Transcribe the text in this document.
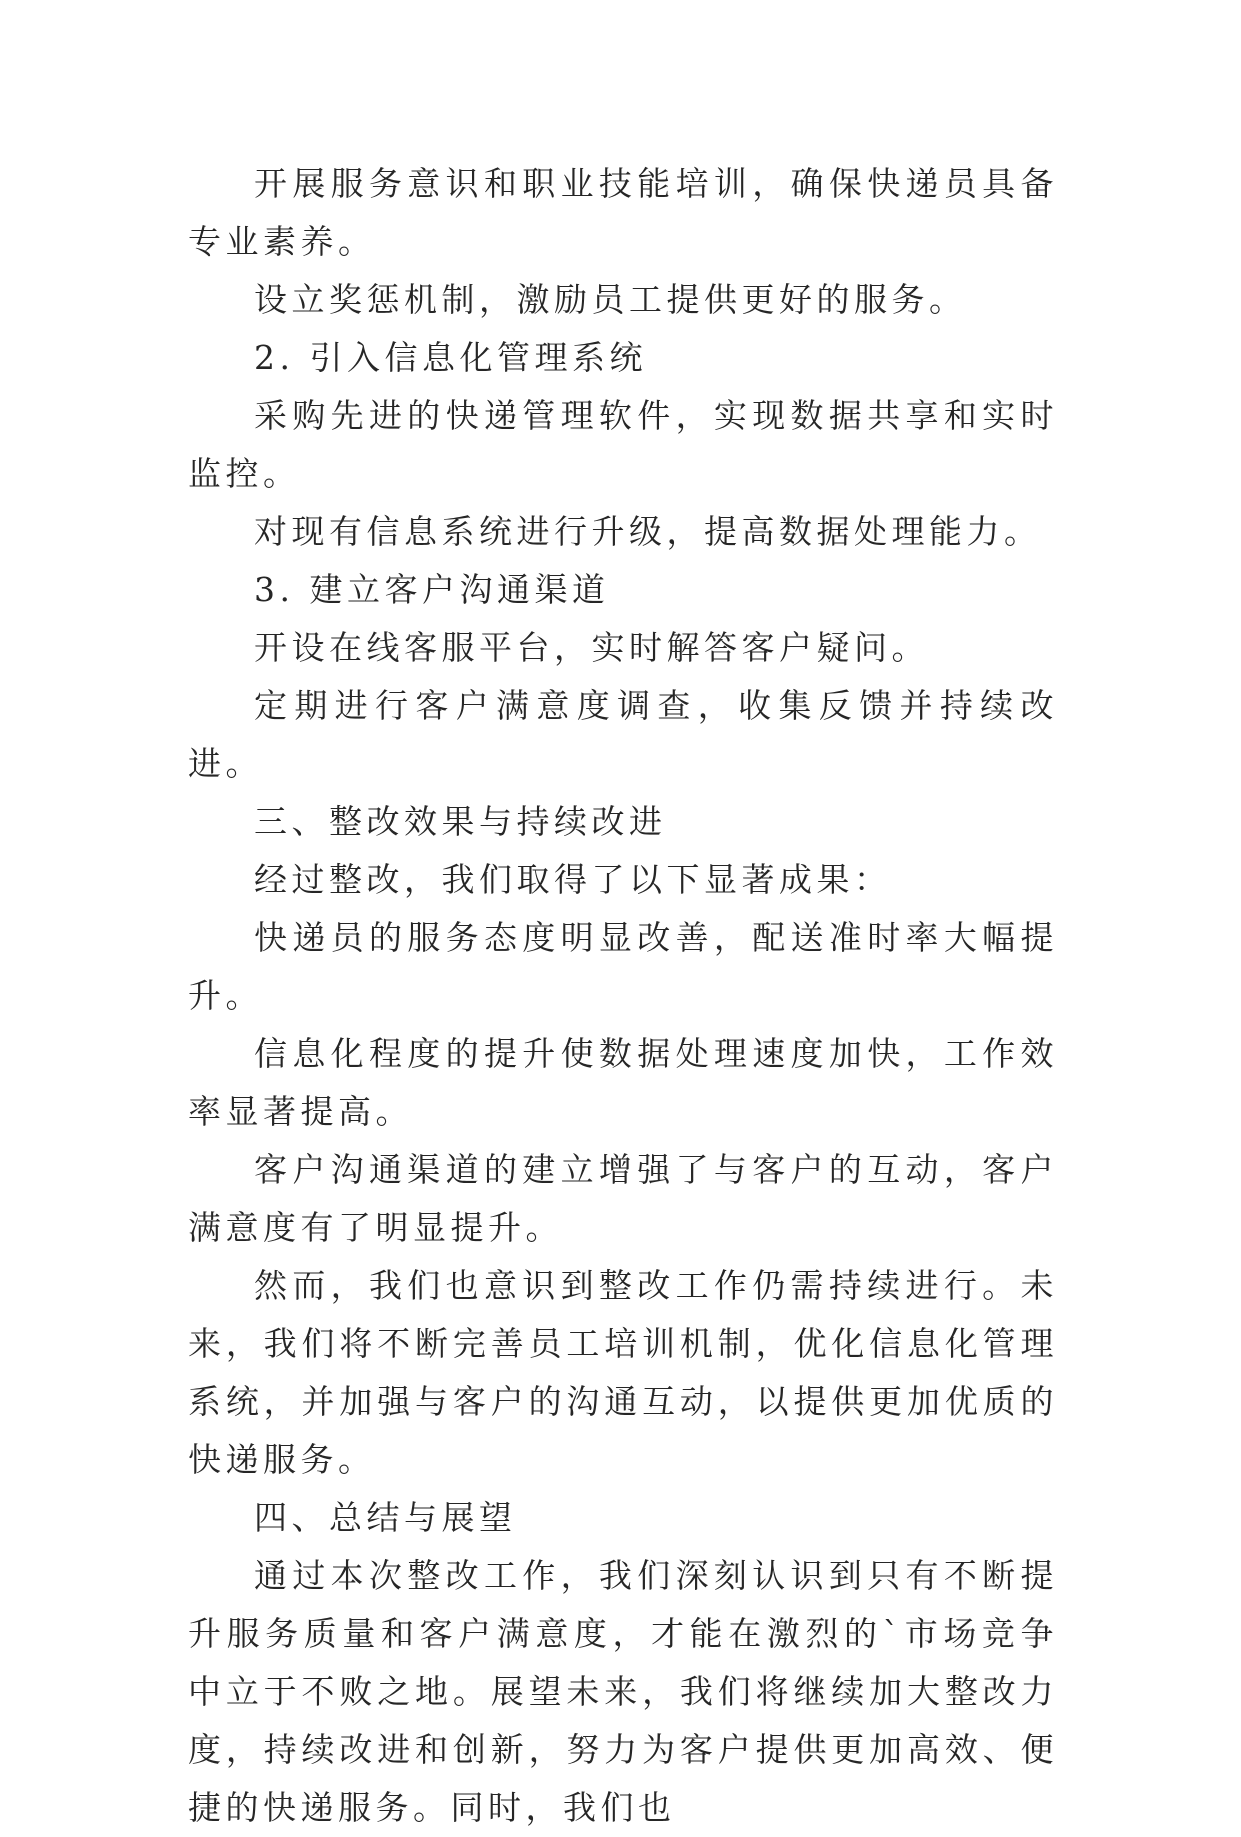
开展服务意识和职业技能培训，确保快递员具备专业素养。

设立奖惩机制，激励员工提供更好的服务。

2. 引入信息化管理系统

采购先进的快递管理软件，实现数据共享和实时监控。

对现有信息系统进行升级，提高数据处理能力。

3. 建立客户沟通渠道

开设在线客服平台，实时解答客户疑问。

定期进行客户满意度调查，收集反馈并持续改进。

三、整改效果与持续改进

经过整改，我们取得了以下显著成果：

快递员的服务态度明显改善，配送准时率大幅提升。

信息化程度的提升使数据处理速度加快，工作效率显著提高。

客户沟通渠道的建立增强了与客户的互动，客户满意度有了明显提升。

然而，我们也意识到整改工作仍需持续进行。未来，我们将不断完善员工培训机制，优化信息化管理系统，并加强与客户的沟通互动，以提供更加优质的快递服务。

四、总结与展望

通过本次整改工作，我们深刻认识到只有不断提升服务质量和客户满意度，才能在激烈的`市场竞争中立于不败之地。展望未来，我们将继续加大整改力度，持续改进和创新，努力为客户提供更加高效、便捷的快递服务。同时，我们也
